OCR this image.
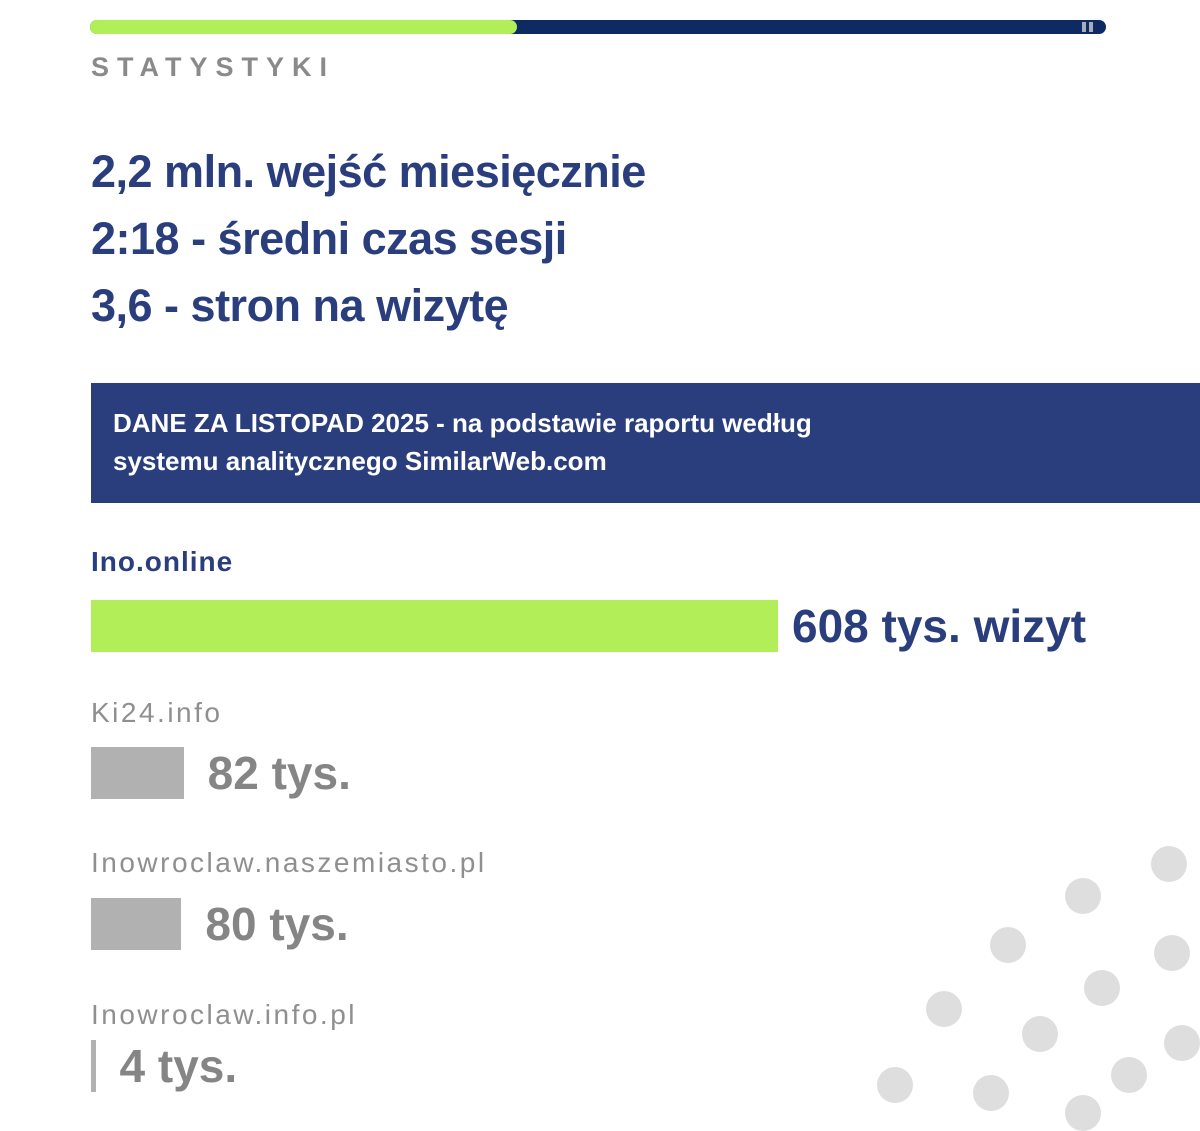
STATYSTYKI
2,2 mln. wejść miesięcznie
2:18 - średni czas sesji
3,6 - stron na wizytę
DANE ZA LISTOPAD 2025 - na podstawie raportu według
systemu analitycznego SimilarWeb.com
Ino.online
608 tys. wizyt
Ki24.info
82 tys.
Inowroclaw.naszemiasto.pl
80 tys.
Inowroclaw.info.pl
4 tys.
